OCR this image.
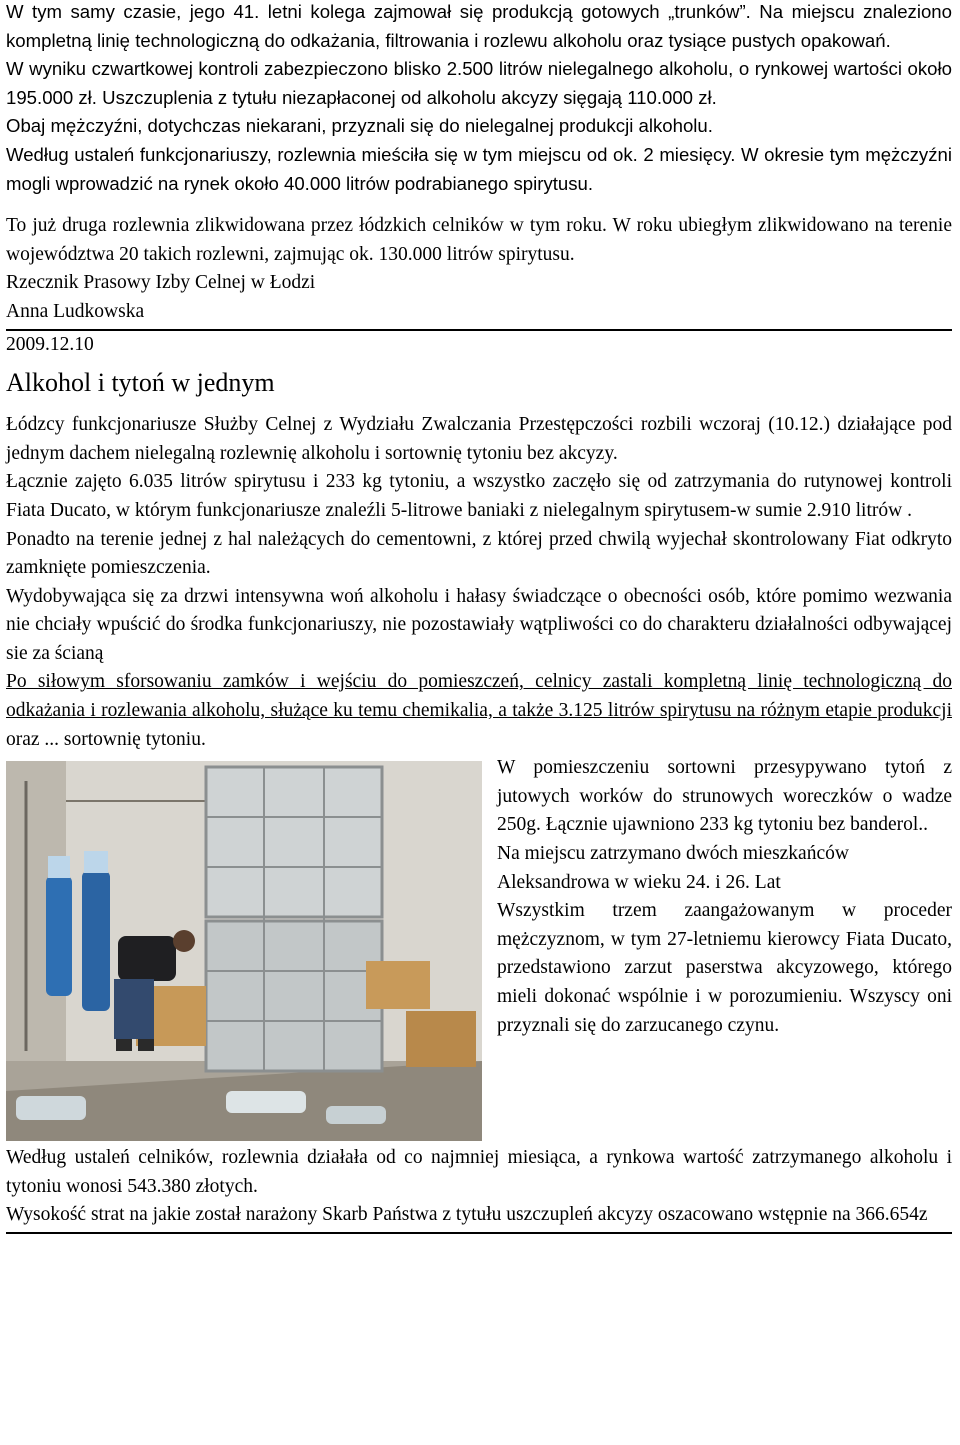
W tym samy czasie, jego 41. letni kolega zajmował się produkcją gotowych „trunków”. Na miejscu znaleziono kompletną linię technologiczną do odkażania, filtrowania i rozlewu alkoholu oraz tysiące pustych opakowań.

W wyniku czwartkowej kontroli zabezpieczono blisko 2.500 litrów nielegalnego alkoholu, o rynkowej wartości około 195.000 zł. Uszczuplenia z tytułu niezapłaconej od alkoholu akcyzy sięgają 110.000 zł.

Obaj mężczyźni, dotychczas niekarani, przyznali się do nielegalnej produkcji alkoholu.

Według ustaleń funkcjonariuszy, rozlewnia mieściła się w tym miejscu od ok. 2 miesięcy. W okresie tym mężczyźni mogli wprowadzić na rynek około 40.000 litrów podrabianego spirytusu.

To już druga rozlewnia zlikwidowana przez łódzkich celników w tym roku. W roku ubiegłym zlikwidowano na terenie województwa 20 takich rozlewni, zajmując ok. 130.000 litrów spirytusu.

Rzecznik Prasowy Izby Celnej w Łodzi

Anna Ludkowska

2009.12.10

Alkohol i tytoń w jednym

Łódzcy funkcjonariusze Służby Celnej z Wydziału Zwalczania Przestępczości rozbili wczoraj (10.12.) działające pod jednym dachem nielegalną rozlewnię alkoholu i sortownię tytoniu bez akcyzy.

Łącznie zajęto 6.035 litrów spirytusu i 233 kg tytoniu, a wszystko zaczęło się od zatrzymania do rutynowej kontroli Fiata Ducato, w którym funkcjonariusze znaleźli 5-litrowe baniaki z nielegalnym spirytusem-w sumie 2.910 litrów .

Ponadto na terenie jednej z hal należących do cementowni, z której przed chwilą wyjechał skontrolowany Fiat odkryto zamknięte pomieszczenia.

Wydobywająca się za drzwi intensywna woń alkoholu i hałasy świadczące o obecności osób, które pomimo wezwania nie chciały wpuścić do środka funkcjonariuszy, nie pozostawiały wątpliwości co do charakteru działalności odbywającej sie za ścianą

Po siłowym sforsowaniu zamków i wejściu do pomieszczeń, celnicy zastali kompletną linię technologiczną do odkażania i rozlewania alkoholu, służące ku temu chemikalia, a także 3.125 litrów spirytusu na różnym etapie produkcji oraz ... sortownię tytoniu.

W pomieszczeniu sortowni przesypywano tytoń z jutowych worków do strunowych woreczków o wadze 250g. Łącznie ujawniono 233 kg tytoniu bez banderol..

Na miejscu zatrzymano dwóch mieszkańców Aleksandrowa w wieku 24. i 26. Lat

Wszystkim trzem zaangażowanym w proceder mężczyznom, w tym 27-letniemu kierowcy Fiata Ducato, przedstawiono zarzut paserstwa akcyzowego, którego mieli dokonać wspólnie i w porozumieniu. Wszyscy oni przyznali się do zarzucanego czynu.

Według ustaleń celników, rozlewnia działała od co najmniej miesiąca, a rynkowa wartość zatrzymanego alkoholu i tytoniu wonosi 543.380 złotych.

Wysokość strat na jakie został narażony Skarb Państwa z tytułu uszczupleń akcyzy oszacowano wstępnie na 366.654z
